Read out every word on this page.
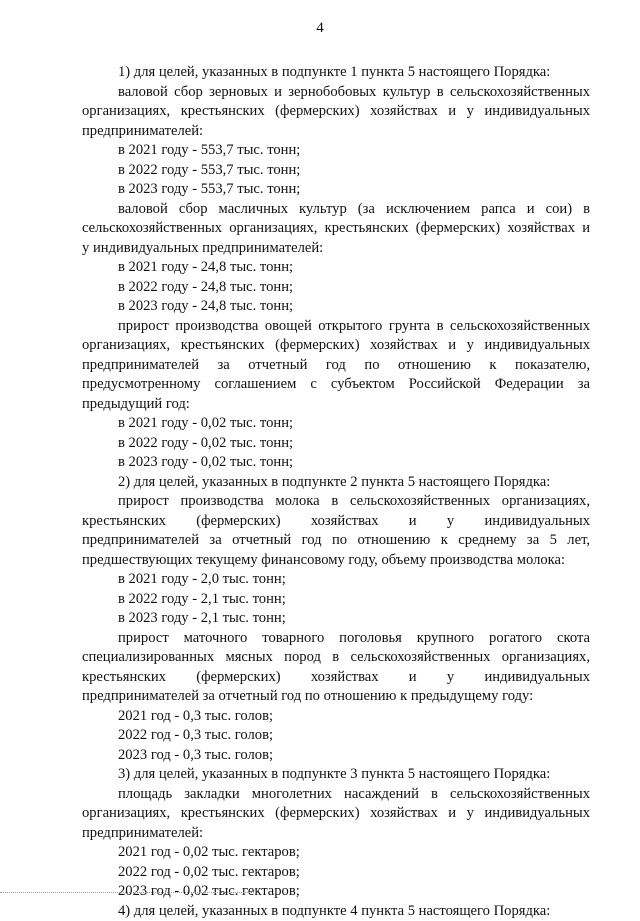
4
1) для целей, указанных в подпункте 1 пункта 5 настоящего Порядка:
валовой сбор зерновых и зернобобовых культур в сельскохозяйственных
организациях, крестьянских (фермерских) хозяйствах и у индивидуальных
предпринимателей:
в 2021 году - 553,7 тыс. тонн;
в 2022 году - 553,7 тыс. тонн;
в 2023 году - 553,7 тыс. тонн;
валовой сбор масличных культур (за исключением рапса и сои) в
сельскохозяйственных организациях, крестьянских (фермерских) хозяйствах и
у индивидуальных предпринимателей:
в 2021 году - 24,8 тыс. тонн;
в 2022 году - 24,8 тыс. тонн;
в 2023 году - 24,8 тыс. тонн;
прирост производства овощей открытого грунта в сельскохозяйственных
организациях, крестьянских (фермерских) хозяйствах и у индивидуальных
предпринимателей за отчетный год по отношению к показателю,
предусмотренному соглашением с субъектом Российской Федерации за
предыдущий год:
в 2021 году - 0,02 тыс. тонн;
в 2022 году - 0,02 тыс. тонн;
в 2023 году - 0,02 тыс. тонн;
2) для целей, указанных в подпункте 2 пункта 5 настоящего Порядка:
прирост производства молока в сельскохозяйственных организациях,
крестьянских (фермерских) хозяйствах и у индивидуальных
предпринимателей за отчетный год по отношению к среднему за 5 лет,
предшествующих текущему финансовому году, объему производства молока:
в 2021 году - 2,0 тыс. тонн;
в 2022 году - 2,1 тыс. тонн;
в 2023 году - 2,1 тыс. тонн;
прирост маточного товарного поголовья крупного рогатого скота
специализированных мясных пород в сельскохозяйственных организациях,
крестьянских (фермерских) хозяйствах и у индивидуальных
предпринимателей за отчетный год по отношению к предыдущему году:
2021 год - 0,3 тыс. голов;
2022 год - 0,3 тыс. голов;
2023 год - 0,3 тыс. голов;
3) для целей, указанных в подпункте 3 пункта 5 настоящего Порядка:
площадь закладки многолетних насаждений в сельскохозяйственных
организациях, крестьянских (фермерских) хозяйствах и у индивидуальных
предпринимателей:
2021 год - 0,02 тыс. гектаров;
2022 год - 0,02 тыс. гектаров;
2023 год - 0,02 тыс. гектаров;
4) для целей, указанных в подпункте 4 пункта 5 настоящего Порядка:
